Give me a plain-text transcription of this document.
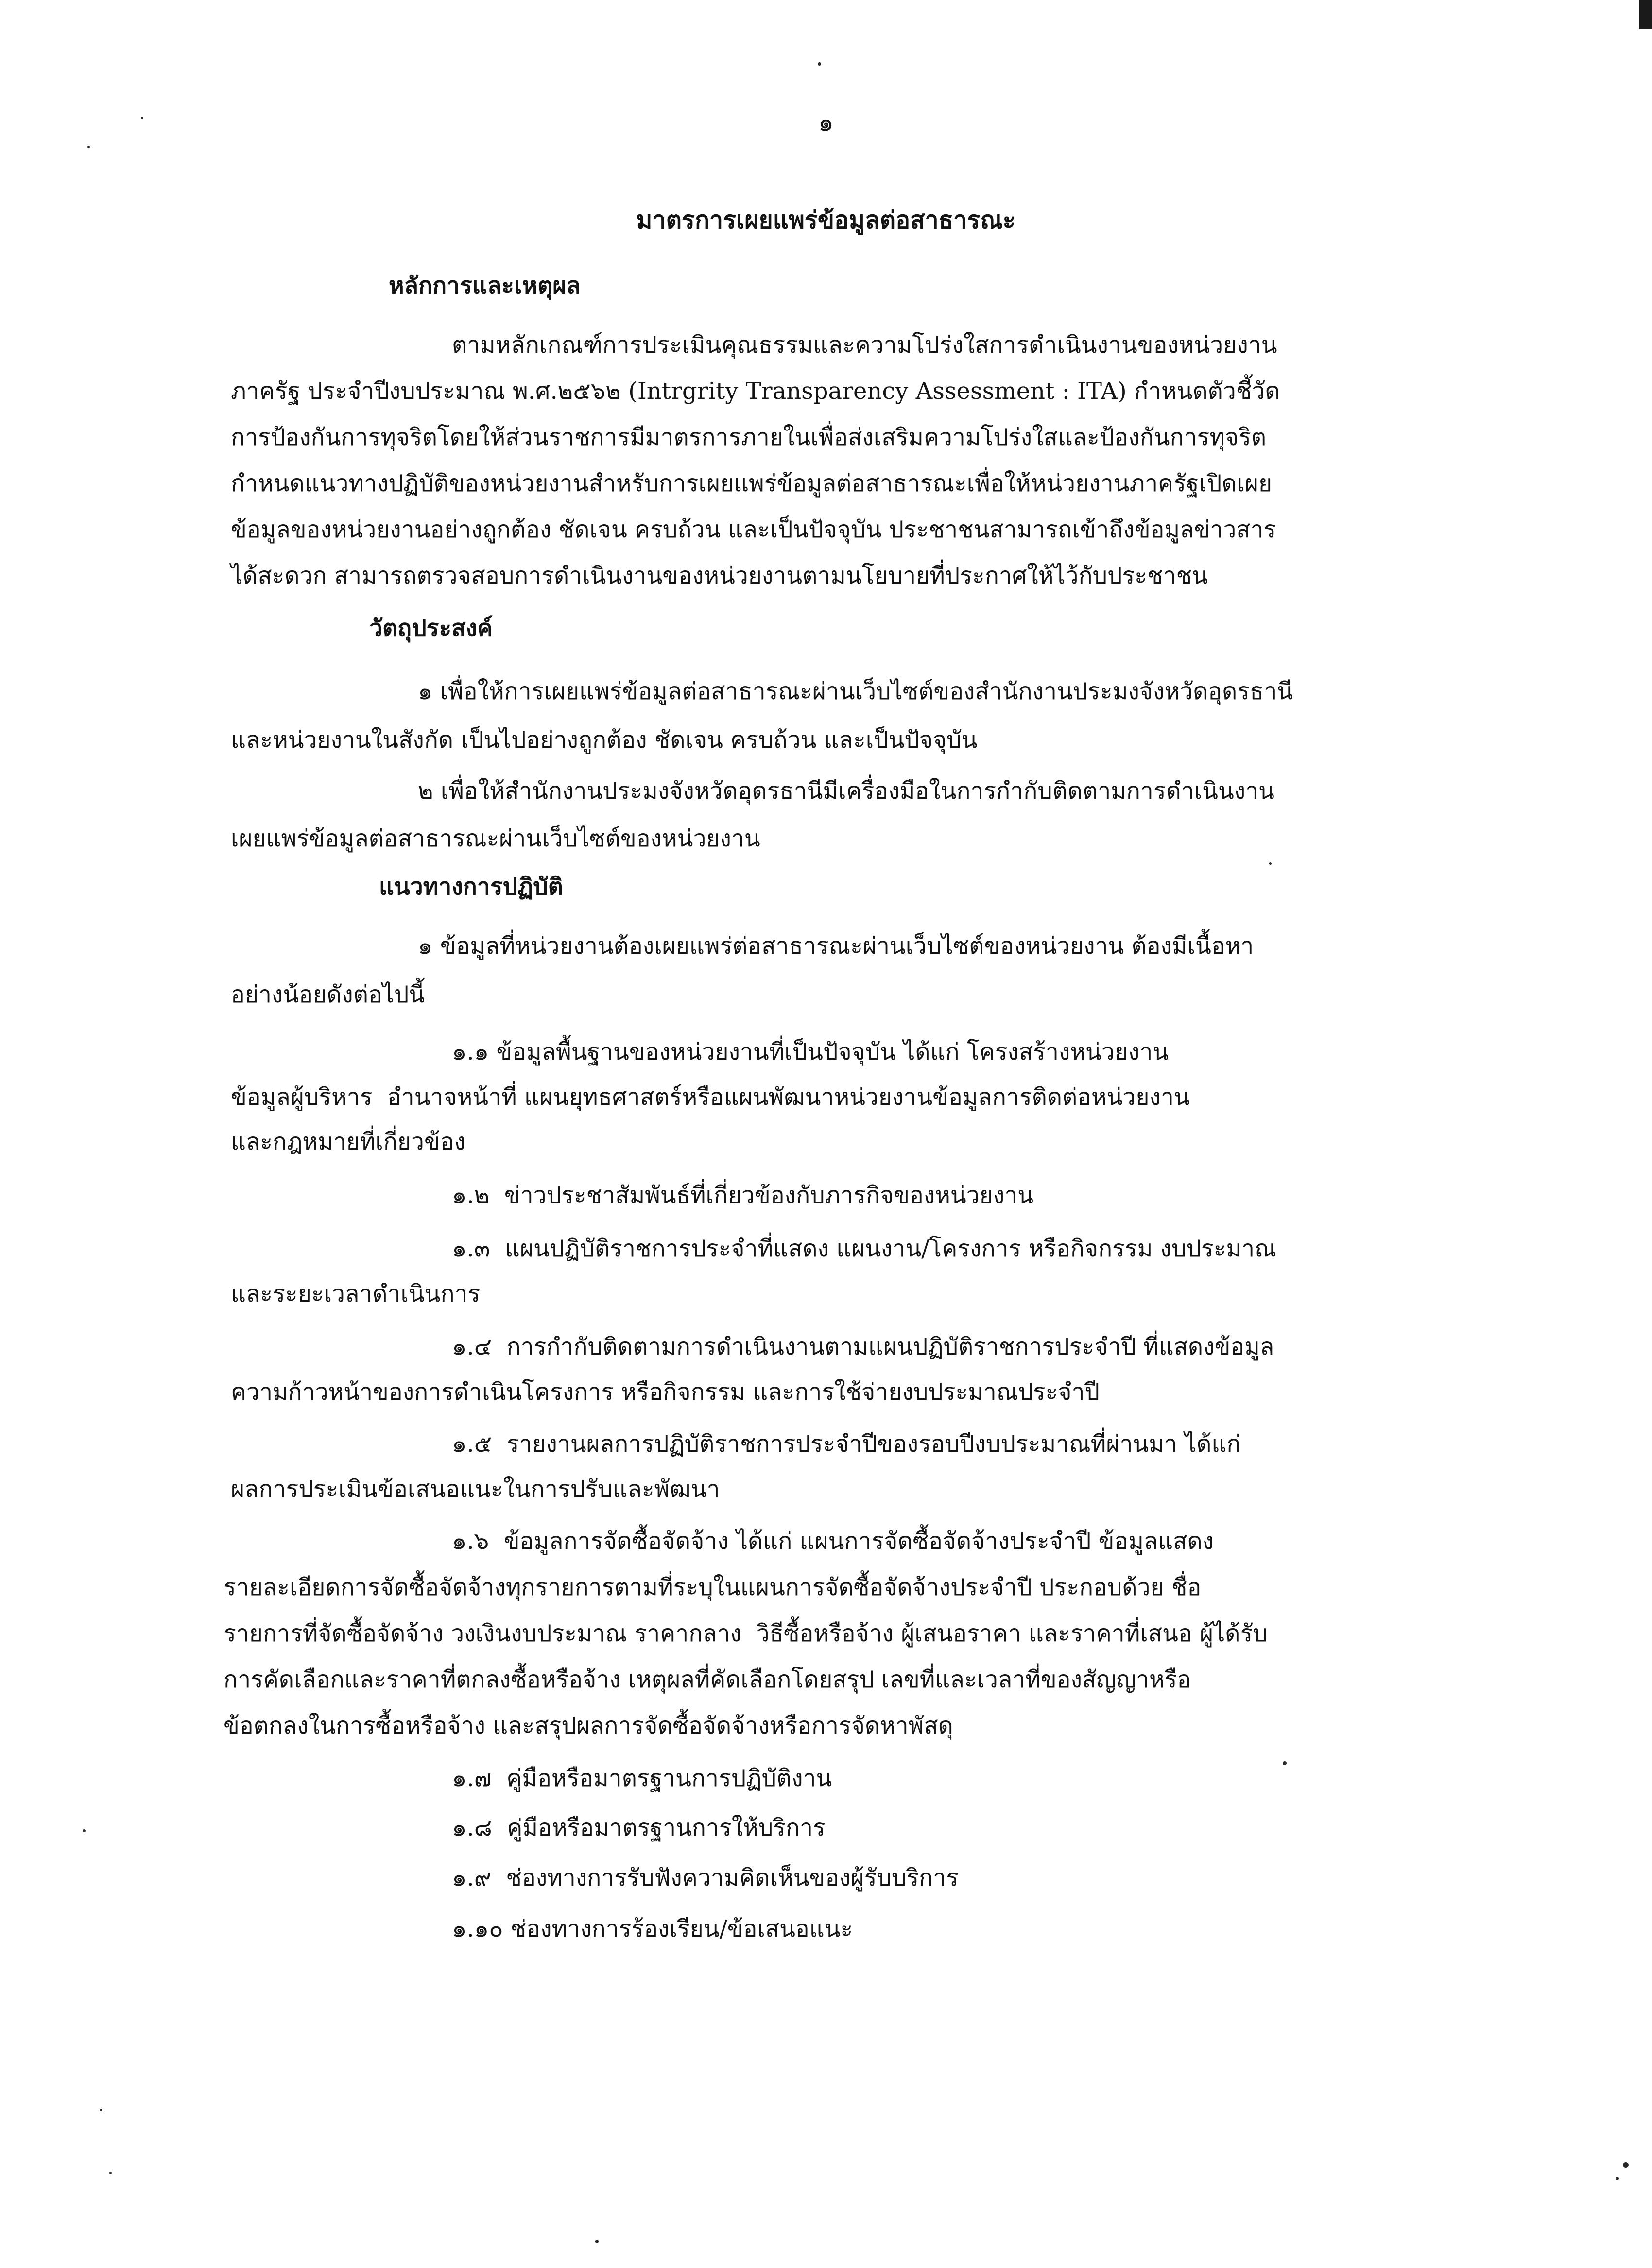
๑
มาตรการเผยแพร่ข้อมูลต่อสาธารณะ
หลักการและเหตุผล
ตามหลักเกณฑ์การประเมินคุณธรรมและความโปร่งใสการดำเนินงานของหน่วยงาน
ภาครัฐ ประจำปีงบประมาณ พ.ศ.๒๕๖๒ (Intrgrity Transparency Assessment : ITA) กำหนดตัวชี้วัด
การป้องกันการทุจริตโดยให้ส่วนราชการมีมาตรการภายในเพื่อส่งเสริมความโปร่งใสและป้องกันการทุจริต
กำหนดแนวทางปฏิบัติของหน่วยงานสำหรับการเผยแพร่ข้อมูลต่อสาธารณะเพื่อให้หน่วยงานภาครัฐเปิดเผย
ข้อมูลของหน่วยงานอย่างถูกต้อง ชัดเจน ครบถ้วน และเป็นปัจจุบัน ประชาชนสามารถเข้าถึงข้อมูลข่าวสาร
ได้สะดวก สามารถตรวจสอบการดำเนินงานของหน่วยงานตามนโยบายที่ประกาศให้ไว้กับประชาชน
วัตถุประสงค์
๑ เพื่อให้การเผยแพร่ข้อมูลต่อสาธารณะผ่านเว็บไซต์ของสำนักงานประมงจังหวัดอุดรธานี
และหน่วยงานในสังกัด เป็นไปอย่างถูกต้อง ชัดเจน ครบถ้วน และเป็นปัจจุบัน
๒ เพื่อให้สำนักงานประมงจังหวัดอุดรธานีมีเครื่องมือในการกำกับติดตามการดำเนินงาน
เผยแพร่ข้อมูลต่อสาธารณะผ่านเว็บไซต์ของหน่วยงาน
แนวทางการปฏิบัติ
๑ ข้อมูลที่หน่วยงานต้องเผยแพร่ต่อสาธารณะผ่านเว็บไซต์ของหน่วยงาน ต้องมีเนื้อหา
อย่างน้อยดังต่อไปนี้
๑.๑ ข้อมูลพื้นฐานของหน่วยงานที่เป็นปัจจุบัน ได้แก่ โครงสร้างหน่วยงาน
ข้อมูลผู้บริหาร  อำนาจหน้าที่ แผนยุทธศาสตร์หรือแผนพัฒนาหน่วยงานข้อมูลการติดต่อหน่วยงาน
และกฎหมายที่เกี่ยวข้อง
๑.๒  ข่าวประชาสัมพันธ์ที่เกี่ยวข้องกับภารกิจของหน่วยงาน
๑.๓  แผนปฏิบัติราชการประจำที่แสดง แผนงาน/โครงการ หรือกิจกรรม งบประมาณ
และระยะเวลาดำเนินการ
๑.๔  การกำกับติดตามการดำเนินงานตามแผนปฏิบัติราชการประจำปี ที่แสดงข้อมูล
ความก้าวหน้าของการดำเนินโครงการ หรือกิจกรรม และการใช้จ่ายงบประมาณประจำปี
๑.๕  รายงานผลการปฏิบัติราชการประจำปีของรอบปีงบประมาณที่ผ่านมา ได้แก่
ผลการประเมินข้อเสนอแนะในการปรับและพัฒนา
๑.๖  ข้อมูลการจัดซื้อจัดจ้าง ได้แก่ แผนการจัดซื้อจัดจ้างประจำปี ข้อมูลแสดง
รายละเอียดการจัดซื้อจัดจ้างทุกรายการตามที่ระบุในแผนการจัดซื้อจัดจ้างประจำปี ประกอบด้วย ชื่อ
รายการที่จัดซื้อจัดจ้าง วงเงินงบประมาณ ราคากลาง  วิธีซื้อหรือจ้าง ผู้เสนอราคา และราคาที่เสนอ ผู้ได้รับ
การคัดเลือกและราคาที่ตกลงซื้อหรือจ้าง เหตุผลที่คัดเลือกโดยสรุป เลขที่และเวลาที่ของสัญญาหรือ
ข้อตกลงในการซื้อหรือจ้าง และสรุปผลการจัดซื้อจัดจ้างหรือการจัดหาพัสดุ
๑.๗  คู่มือหรือมาตรฐานการปฏิบัติงาน
๑.๘  คู่มือหรือมาตรฐานการให้บริการ
๑.๙  ช่องทางการรับฟังความคิดเห็นของผู้รับบริการ
๑.๑๐ ช่องทางการร้องเรียน/ข้อเสนอแนะ
